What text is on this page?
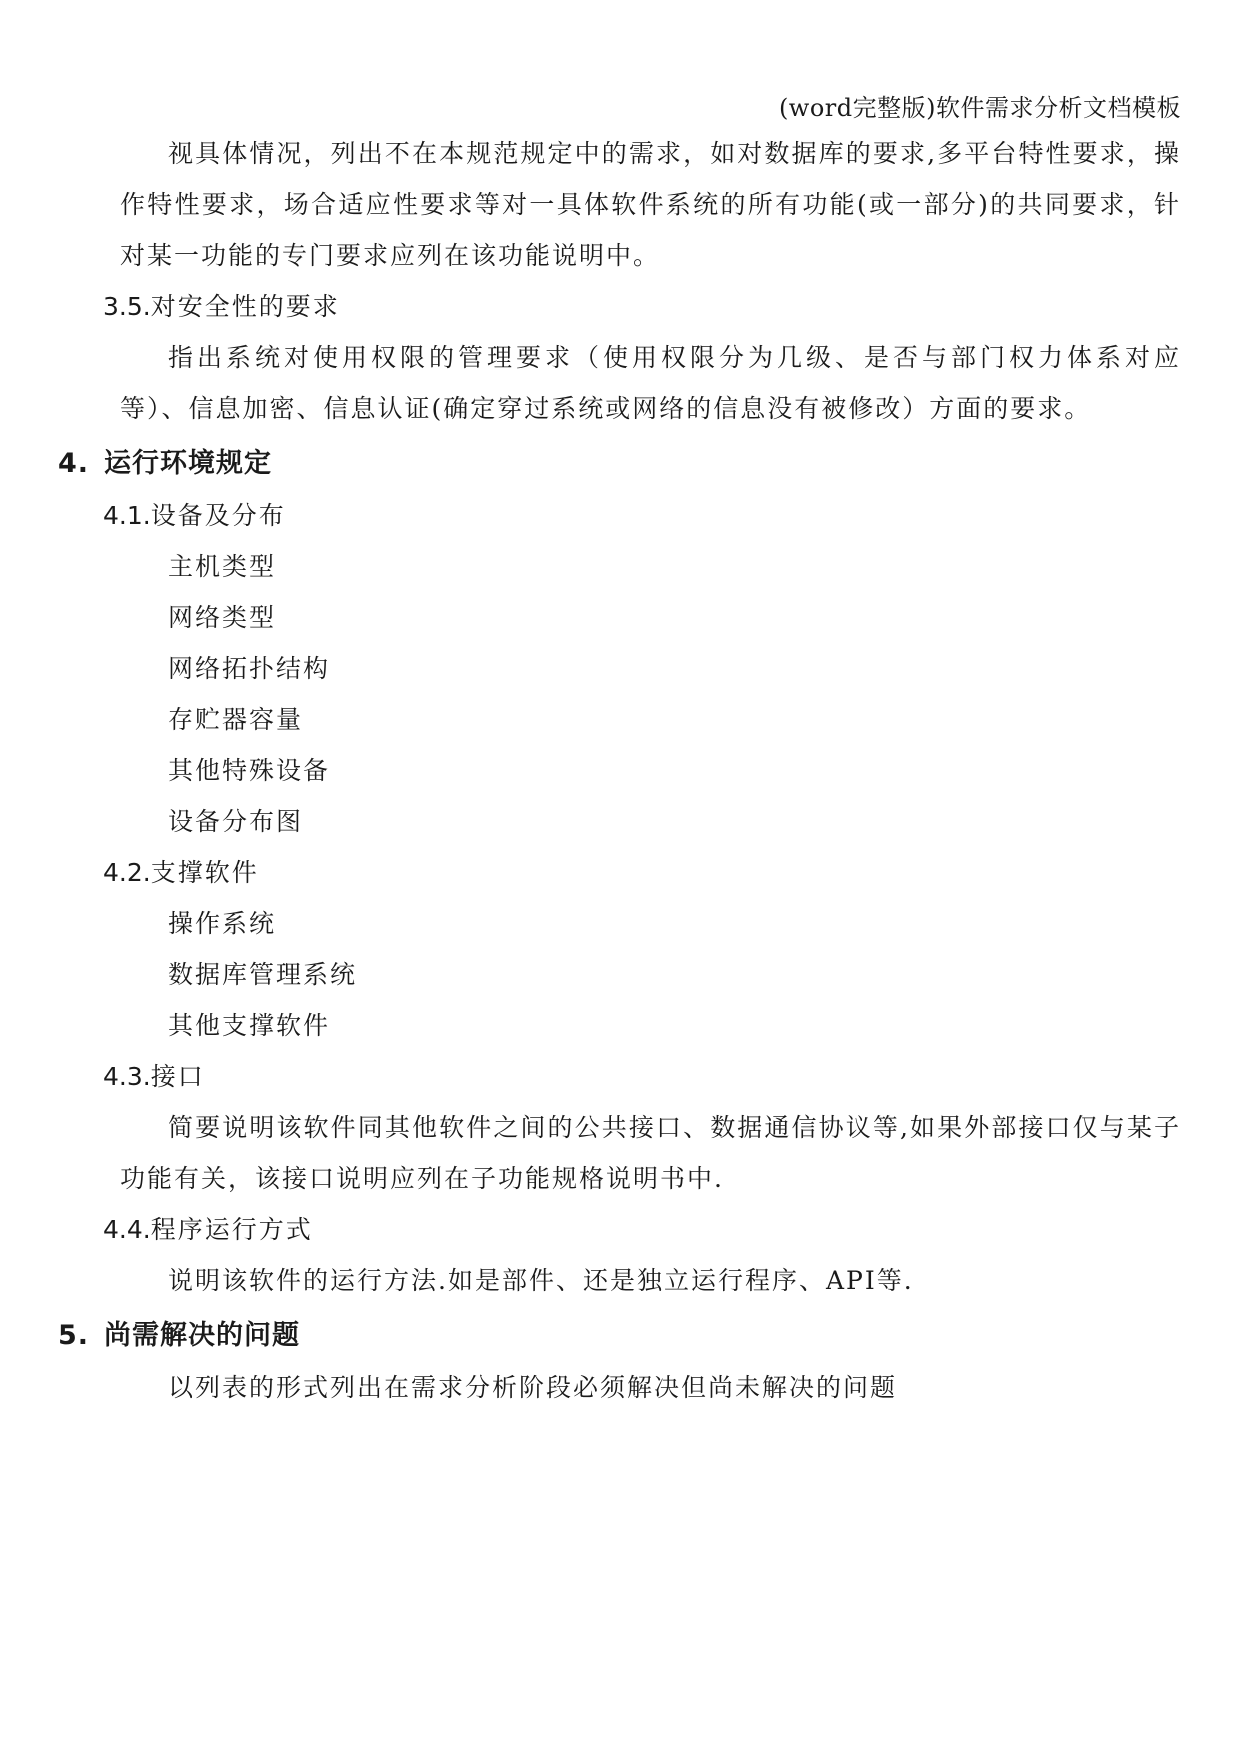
(word完整版)软件需求分析文档模板

视具体情况，列出不在本规范规定中的需求，如对数据库的要求,多平台特性要求，操作特性要求，场合适应性要求等对一具体软件系统的所有功能(或一部分)的共同要求，针对某一功能的专门要求应列在该功能说明中。

3.5.对安全性的要求

指出系统对使用权限的管理要求（使用权限分为几级、是否与部门权力体系对应等）、信息加密、信息认证(确定穿过系统或网络的信息没有被修改）方面的要求。

4. 运行环境规定
4.1.设备及分布
主机类型
网络类型
网络拓扑结构
存贮器容量
其他特殊设备
设备分布图
4.2.支撑软件
操作系统
数据库管理系统
其他支撑软件
4.3.接口

简要说明该软件同其他软件之间的公共接口、数据通信协议等,如果外部接口仅与某子功能有关，该接口说明应列在子功能规格说明书中.

4.4.程序运行方式

说明该软件的运行方法.如是部件、还是独立运行程序、API等.

5. 尚需解决的问题

以列表的形式列出在需求分析阶段必须解决但尚未解决的问题
